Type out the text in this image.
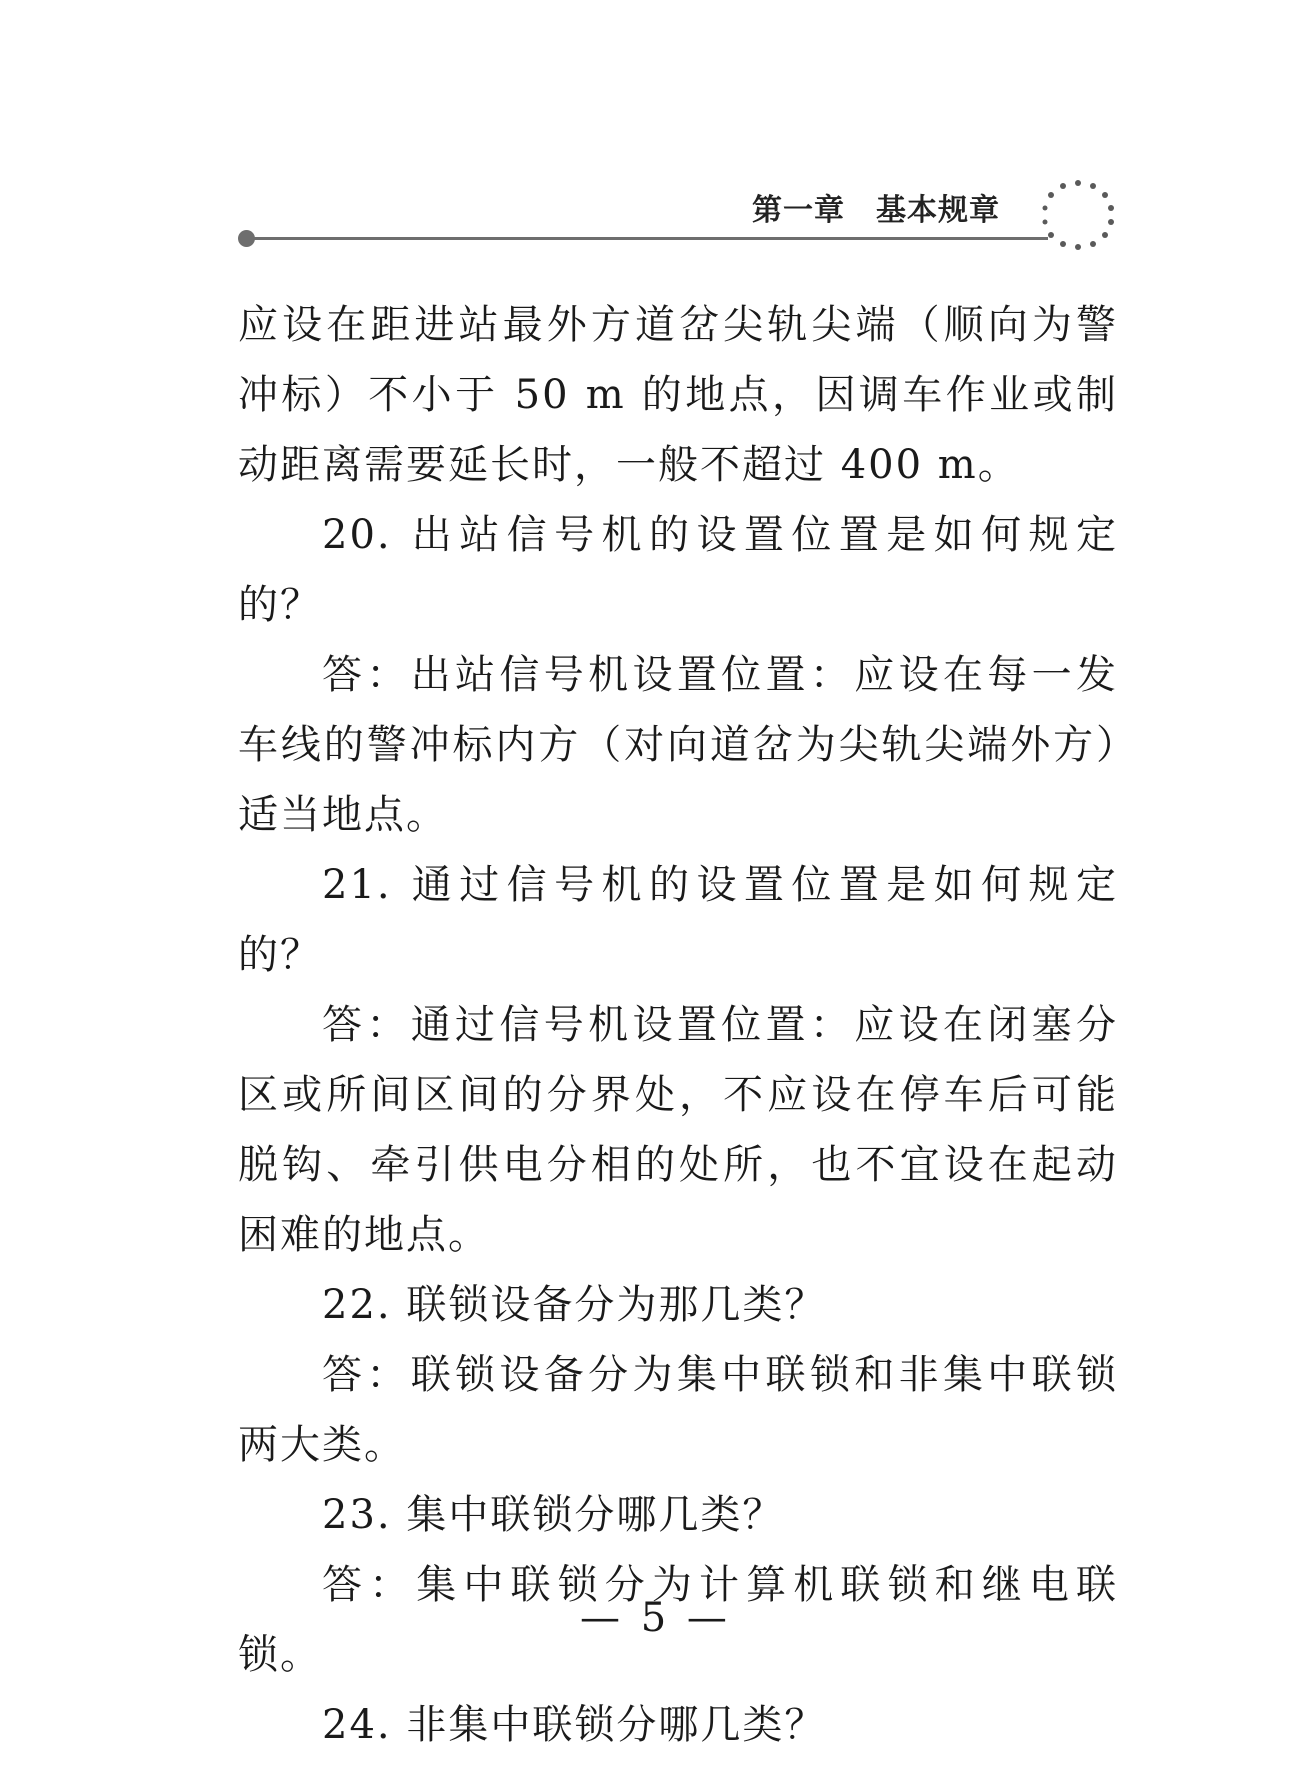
第一章　基本规章

应设在距进站最外方道岔尖轨尖端（顺向为警冲标）不小于 50 m 的地点，因调车作业或制动距离需要延长时，一般不超过 400 m。

20. 出站信号机的设置位置是如何规定的？

答：出站信号机设置位置：应设在每一发车线的警冲标内方（对向道岔为尖轨尖端外方）适当地点。

21. 通过信号机的设置位置是如何规定的？

答：通过信号机设置位置：应设在闭塞分区或所间区间的分界处，不应设在停车后可能脱钩、牵引供电分相的处所，也不宜设在起动困难的地点。

22. 联锁设备分为那几类？

答：联锁设备分为集中联锁和非集中联锁两大类。

23. 集中联锁分哪几类？

答：集中联锁分为计算机联锁和继电联锁。

24. 非集中联锁分哪几类？

— 5 —
